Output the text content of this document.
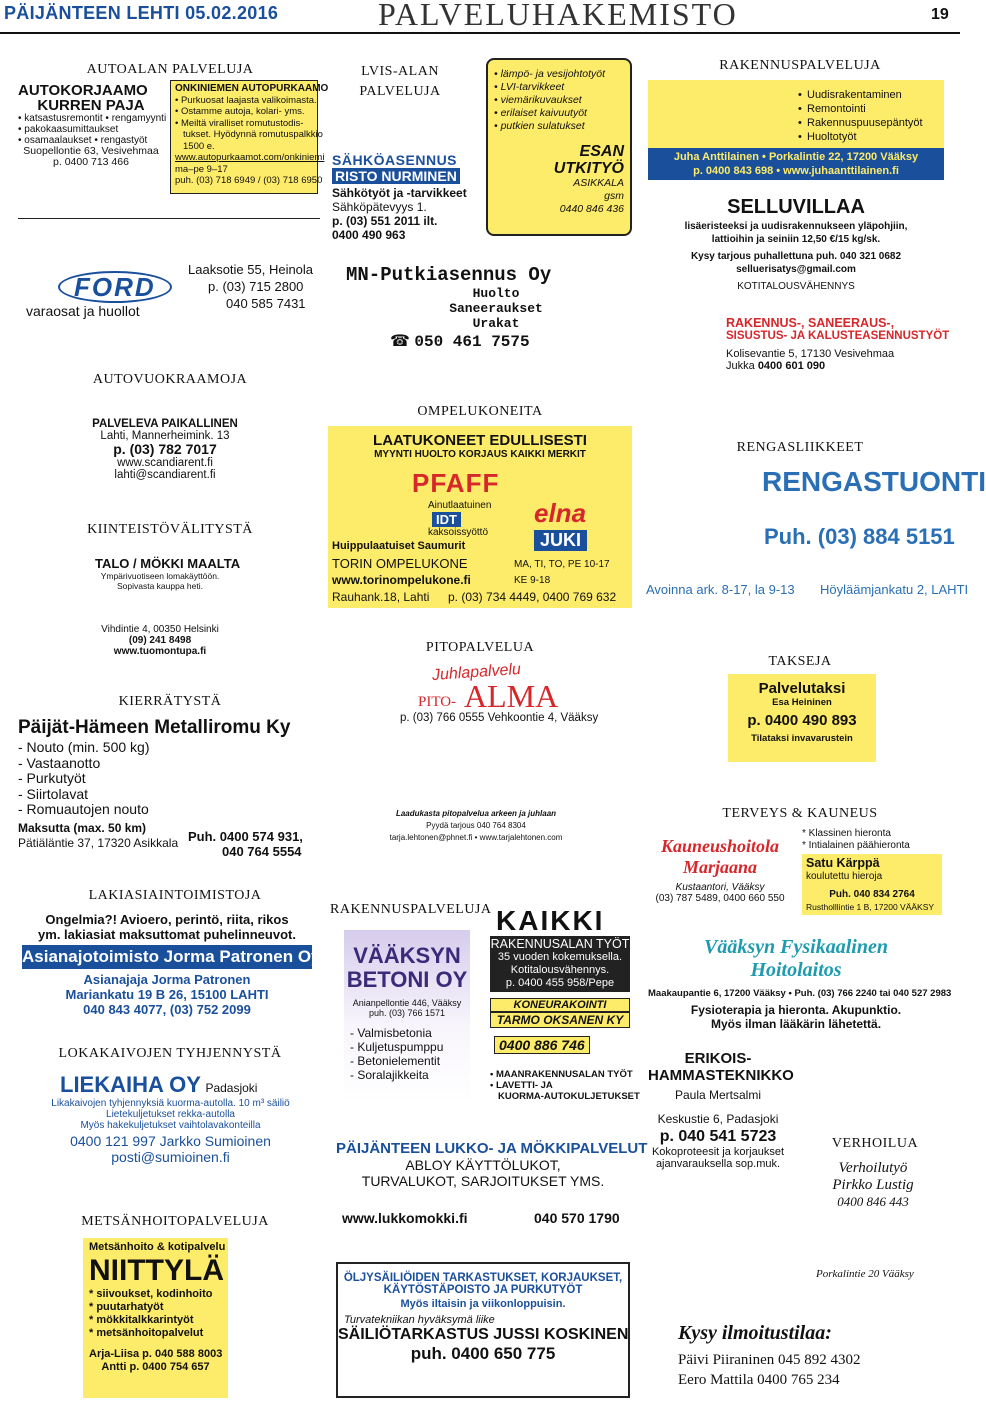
PÄIJÄNTEEN LEHTI 05.02.2016	PALVELUHAKEMISTO	19
AUTOALAN PALVELUJA
AUTOKORJAAMO
KURREN PAJA
• katsastusremontit • rengamyynti
• pakokaasumittaukset
• osamaalaukset • rengastyöt
Suopellontie 63, Vesivehmaa
p. 0400 713 466
ONKINIEMEN AUTOPURKAAMO
• Purkuosat laajasta valikoimasta.
• Ostamme autoja, kolari- yms.
• Meiltä viralliset romutustodis-
tukset. Hyödynnä romutuspalkkio
1500 e.
www.autopurkaamot.com/onkiniemi
ma–pe 9–17
puh. (03) 718 6949 / (03) 718 6950
FORD
varaosat ja huollot
Laaksotie 55, Heinola
p. (03) 715 2800
040 585 7431
AUTOVUOKRAAMOJA
PALVELEVA PAIKALLINEN
Lahti, Mannerheimink. 13
p. (03) 782 7017
www.scandiarent.fi
lahti@scandiarent.fi
KIINTEISTÖVÄLITYSTÄ
TALO / MÖKKI MAALTA
Ympärivuotiseen lomakäyttöön.
Sopivasta kauppa heti.
Vihdintie 4, 00350 Helsinki
(09) 241 8498
www.tuomontupa.fi
KIERRÄTYSTÄ
Päijät-Hämeen Metalliromu Ky
- Nouto (min. 500 kg)
- Vastaanotto
- Purkutyöt
- Siirtolavat
- Romuautojen nouto
Maksutta (max. 50 km)
Pätiäläntie 37, 17320 Asikkala Puh. 0400 574 931,
040 764 5554
LAKIASIAINTOIMISTOJA
Ongelmia?! Avioero, perintö, riita, rikos
ym. lakiasiat maksuttomat puhelinneuvot.
Asianajotoimisto Jorma Patronen Oy
Asianajaja Jorma Patronen
Mariankatu 19 B 26, 15100 LAHTI
040 843 4077, (03) 752 2099
LOKAKAIVOJEN TYHJENNYSTÄ
LIEKAIHA OY Padasjoki
Likakaivojen tyhjennyksiä kuorma-autolla. 10 m³ säiliö
Lietekuljetukset rekka-autolla
Myös hakekuljetukset vaihtolavakonteilla
0400 121 997 Jarkko Sumioinen
posti@sumioinen.fi
METSÄNHOITOPALVELUJA
Metsänhoito & kotipalvelu
NIITTYLÄ
* siivoukset, kodinhoito
* puutarhatyöt
* mökkitalkkarintyöt
* metsänhoitopalvelut
Arja-Liisa p. 040 588 8003
Antti p. 0400 754 657
LVIS-ALAN
PALVELUJA
SÄHKÖASENNUS
RISTO NURMINEN
Sähkötyöt ja -tarvikkeet
Sähköpätevyys 1.
p. (03) 551 2011 ilt.
0400 490 963
• lämpö- ja vesijohtotyöt
• LVI-tarvikkeet
• viemärikuvaukset
• erilaiset kaivuutyöt
• putkien sulatukset
ESAN
UTKITYÖ
ASIKKALA
gsm
0440 846 436
MN-Putkiasennus Oy
Huolto
Saneeraukset
Urakat
☎ 050 461 7575
OMPELUKONEITA
LAATUKONEET EDULLISESTI
MYYNTI HUOLTO KORJAUS KAIKKI MERKIT
PFAFF
Ainutlaatuinen
IDT
kaksoissyöttö
elna
JUKI
Huippulaatuiset Saumurit
TORIN OMPELUKONE	MA, TI, TO, PE 10-17
www.torinompelukone.fi	KE 9-18
Rauhank.18, Lahti p. (03) 734 4449, 0400 769 632
PITOPALVELUA
Juhlapalvelu
PITO- ALMA
p. (03) 766 0555 Vehkoontie 4, Vääksy
Laadukasta pitopalvelua arkeen ja juhlaan
Pyydä tarjous 040 764 8304
tarja.lehtonen@phnet.fi • www.tarjalehtonen.com
RAKENNUSPALVELUJA
VÄÄKSYN
BETONI OY
Anianpellontie 446, Vääksy
puh. (03) 766 1571
- Valmisbetonia
- Kuljetuspumppu
- Betonielementit
- Soralajikkeita
KAIKKI
RAKENNUSALAN TYÖT
35 vuoden kokemuksella.
Kotitalousvähennys.
p. 0400 455 958/Pepe
KONEURAKOINTI
TARMO OKSANEN KY
0400 886 746
• MAANRAKENNUSALAN TYÖT
• LAVETTI- JA
KUORMA-AUTOKULJETUKSET
PÄIJÄNTEEN LUKKO- JA MÖKKIPALVELUT
ABLOY KÄYTTÖLUKOT,
TURVALUKOT, SARJOITUKSET YMS.
www.lukkomokki.fi	040 570 1790
ÖLJYSÄILIÖIDEN TARKASTUKSET, KORJAUKSET,
KÄYTÖSTÄPOISTO JA PURKUTYÖT
Myös iltaisin ja viikonloppuisin.
Turvatekniikan hyväksymä liike
SÄILIÖTARKASTUS JUSSI KOSKINEN
puh. 0400 650 775
RAKENNUSPALVELUJA
• Uudisrakentaminen
• Remontointi
• Rakennuspuusepäntyöt
• Huoltotyöt
Juha Anttilainen • Porkalintie 22, 17200 Vääksy
p. 0400 843 698 • www.juhaanttilainen.fi
SELLUVILLAA
lisäeristeeksi ja uudisrakennukseen yläpohjiin,
lattioihin ja seiniin 12,50 €/15 kg/sk.
Kysy tarjous puhallettuna puh. 040 321 0682
selluerisatys@gmail.com
KOTITALOUSVÄHENNYS
RAKENNUS-, SANEERAUS-,
SISUSTUS- JA KALUSTEASENNUSTYÖT
Kolisevantie 5, 17130 Vesivehmaa
Jukka 0400 601 090
RENGASLIIKKEET
RENGASTUONTI
Puh. (03) 884 5151
Avoinna ark. 8-17, la 9-13 Höyläämjankatu 2, LAHTI
TAKSEJA
Palvelutaksi
Esa Heininen
p. 0400 490 893
Tilataksi invavarustein
TERVEYS & KAUNEUS
Kauneushoitola
Marjaana
Kustaantori, Vääksy
(03) 787 5489, 0400 660 550
* Klassinen hieronta
* Intialainen päähieronta
Satu Kärppä
koulutettu hieroja
Puh. 040 834 2764
Rustholllintie 1 B, 17200 VÄÄKSY
Vääksyn Fysikaalinen
Hoitolaitos
Maakaupantie 6, 17200 Vääksy • Puh. (03) 766 2240 tai 040 527 2983
Fysioterapia ja hieronta. Akupunktio.
Myös ilman lääkärin lähetettä.
ERIKOIS-
HAMMASTEKNIKKO
Paula Mertsalmi
Keskustie 6, Padasjoki
p. 040 541 5723
Kokoproteesit ja korjaukset
ajanvarauksella sop.muk.
VERHOILUA
Verhoilutyö
Pirkko Lustig
0400 846 443
Porkalintie 20 Vääksy
Kysy ilmoitustilaa:
Päivi Piiraninen 045 892 4302
Eero Mattila 0400 765 234
